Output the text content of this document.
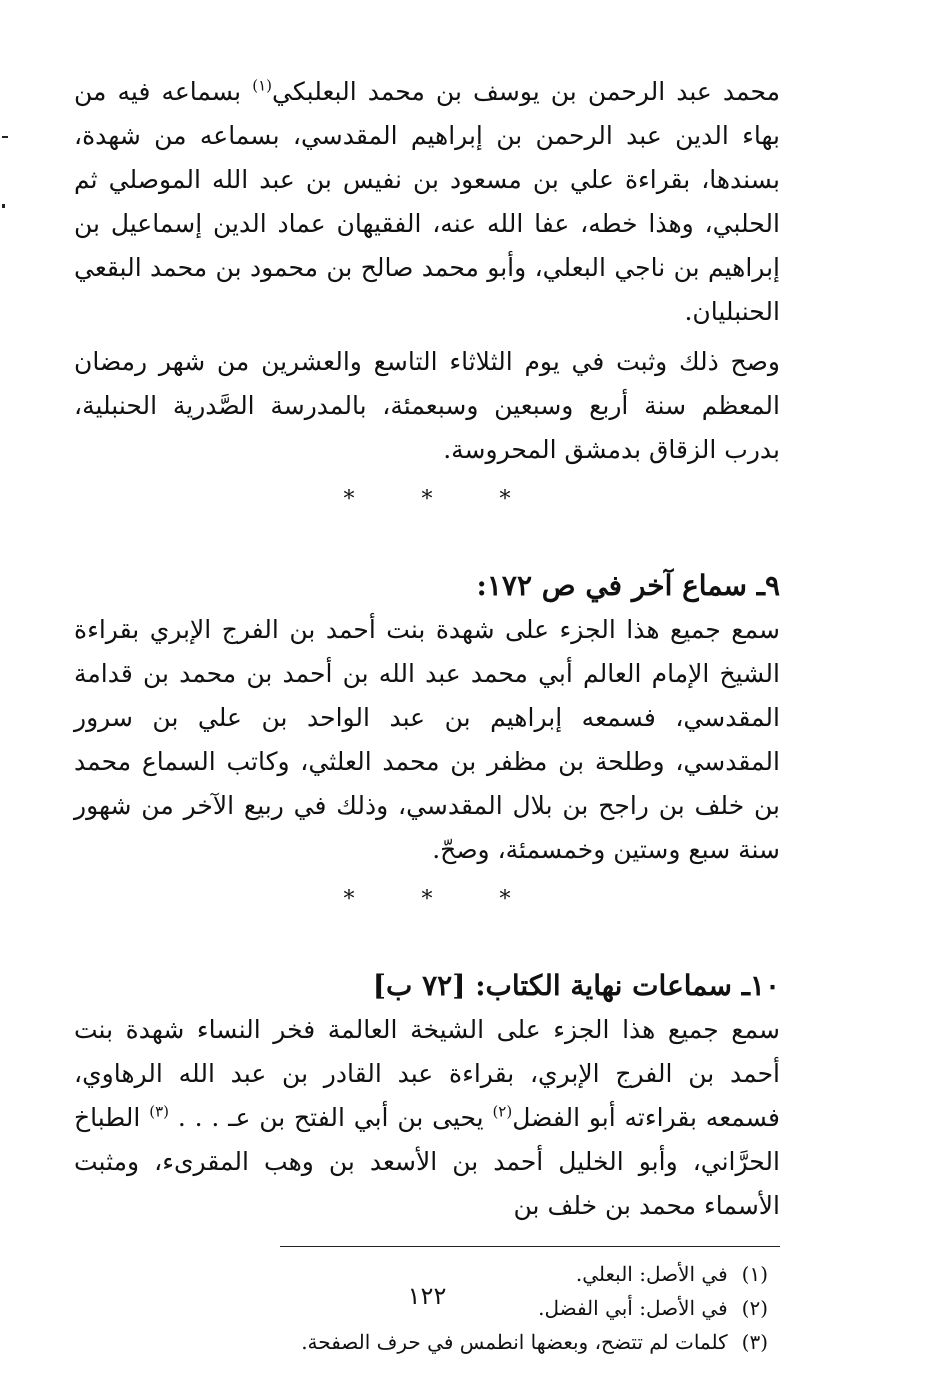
محمد عبد الرحمن بن يوسف بن محمد البعلبكي$^{(١)}$ بسماعه فيه من بهاء الدين عبد الرحمن بن إبراهيم المقدسي، بسماعه من شهدة، بسندها، بقراءة علي بن مسعود بن نفيس بن عبد الله الموصلي ثم الحلبي، وهذا خطه، عفا الله عنه، الفقيهان عماد الدين إسماعيل بن إبراهيم بن ناجي البعلي، وأبو محمد صالح بن محمود بن محمد البقعي الحنبليان.

وصح ذلك وثبت في يوم الثلاثاء التاسع والعشرين من شهر رمضان المعظم سنة أربع وسبعين وسبعمئة، بالمدرسة الصَّدرية الحنبلية، بدرب الزقاق بدمشق المحروسة.

* * *
٩ـ سماع آخر في ص ١٧٢:

سمع جميع هذا الجزء على شهدة بنت أحمد بن الفرج الإبري بقراءة الشيخ الإمام العالم أبي محمد عبد الله بن أحمد بن محمد بن قدامة المقدسي، فسمعه إبراهيم بن عبد الواحد بن علي بن سرور المقدسي، وطلحة بن مظفر بن محمد العلثي، وكاتب السماع محمد بن خلف بن راجح بن بلال المقدسي، وذلك في ربيع الآخر من شهور سنة سبع وستين وخمسمئة، وصحّ.

* * *
١٠ـ سماعات نهاية الكتاب: [٧٢ ب]

سمع جميع هذا الجزء على الشيخة العالمة فخر النساء شهدة بنت أحمد بن الفرج الإبري، بقراءة عبد القادر بن عبد الله الرهاوي، فسمعه بقراءته أبو الفضل$^{(٢)}$ يحيى بن أبي الفتح بن عـ . . . $^{(٣)}$ الطباخ الحرَّاني، وأبو الخليل أحمد بن الأسعد بن وهب المقرىء، ومثبت الأسماء محمد بن خلف بن

(١) في الأصل: البعلي.
(٢) في الأصل: أبي الفضل.
(٣) كلمات لم تتضح، وبعضها انطمس في حرف الصفحة.
١٢٢
